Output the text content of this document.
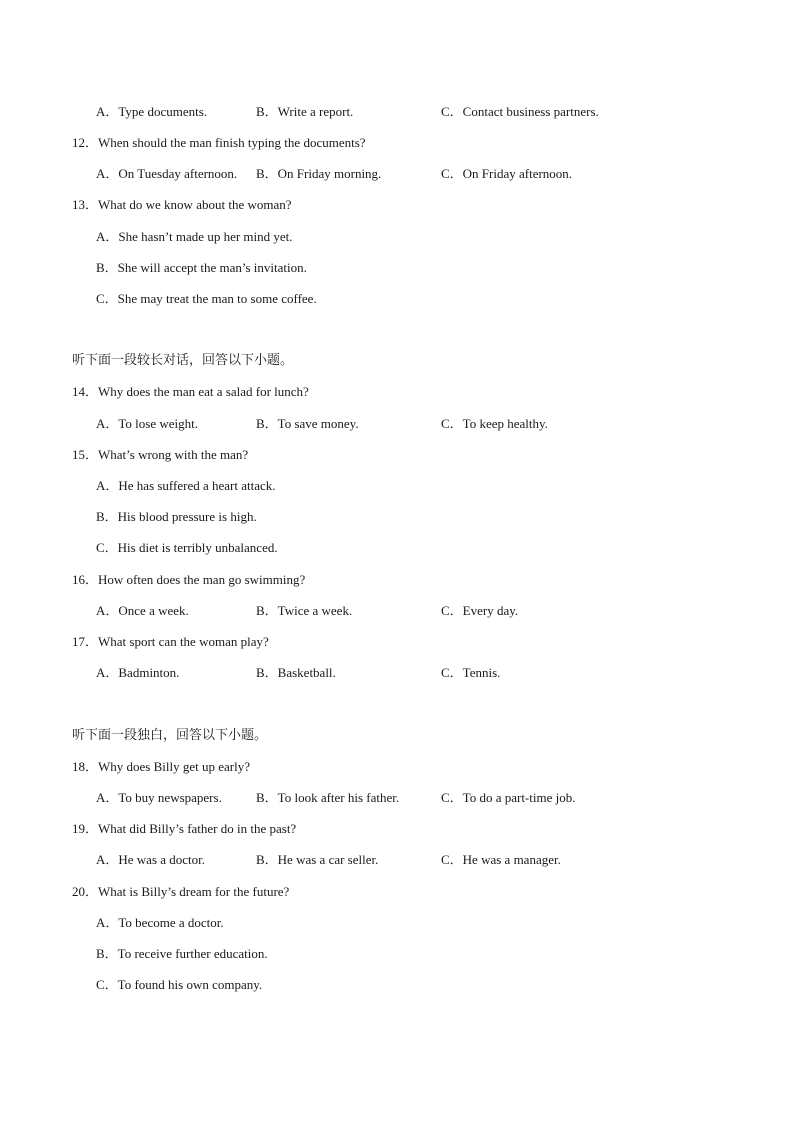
A．Type documents.	B．Write a report.	C．Contact business partners.
12．When should the man finish typing the documents?
A．On Tuesday afternoon. B．On Friday morning.	C．On Friday afternoon.
13．What do we know about the woman?
A．She hasn’t made up her mind yet.
B．She will accept the man’s invitation.
C．She may treat the man to some coffee.
听下面一段较长对话，回答以下小题。
14．Why does the man eat a salad for lunch?
A．To lose weight.	B．To save money.	C．To keep healthy.
15．What’s wrong with the man?
A．He has suffered a heart attack.
B．His blood pressure is high.
C．His diet is terribly unbalanced.
16．How often does the man go swimming?
A．Once a week.	B．Twice a week.	C．Every day.
17．What sport can the woman play?
A．Badminton.	B．Basketball.	C．Tennis.
听下面一段独白，回答以下小题。
18．Why does Billy get up early?
A．To buy newspapers.	B．To look after his father.	C．To do a part-time job.
19．What did Billy’s father do in the past?
A．He was a doctor.	B．He was a car seller.	C．He was a manager.
20．What is Billy’s dream for the future?
A．To become a doctor.
B．To receive further education.
C．To found his own company.
